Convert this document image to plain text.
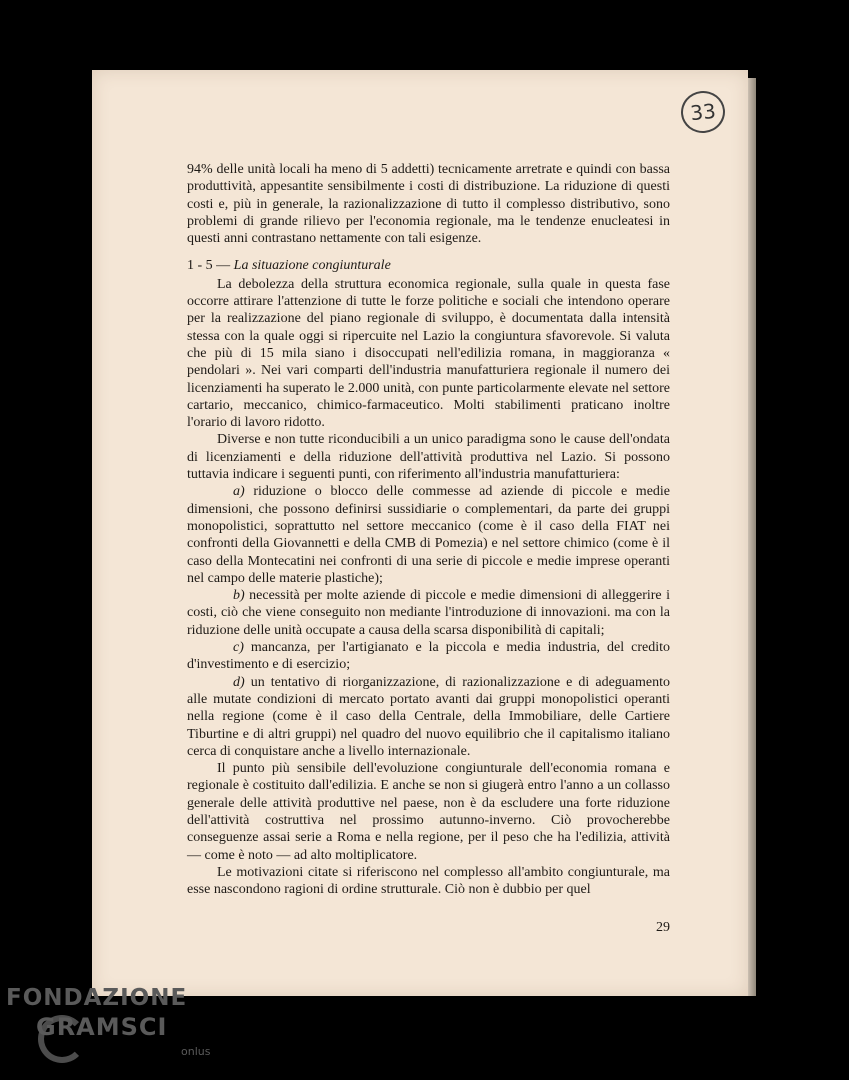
33

94% delle unità locali ha meno di 5 addetti) tecnicamente arretrate e quindi con bassa produttività, appesantite sensibilmente i costi di distribuzione. La riduzione di questi costi e, più in generale, la razionalizzazione di tutto il complesso distributivo, sono problemi di grande rilievo per l'economia regionale, ma le tendenze enucleatesi in questi anni contrastano nettamente con tali esigenze.

1 - 5 — La situazione congiunturale

La debolezza della struttura economica regionale, sulla quale in questa fase occorre attirare l'attenzione di tutte le forze politiche e sociali che intendono operare per la realizzazione del piano regionale di sviluppo, è documentata dalla intensità stessa con la quale oggi si ripercuite nel Lazio la congiuntura sfavorevole. Si valuta che più di 15 mila siano i disoccupati nell'edilizia romana, in maggioranza « pendolari ». Nei vari comparti dell'industria manufatturiera regionale il numero dei licenziamenti ha superato le 2.000 unità, con punte particolarmente elevate nel settore cartario, meccanico, chimico-farmaceutico. Molti stabilimenti praticano inoltre l'orario di lavoro ridotto.

Diverse e non tutte riconducibili a un unico paradigma sono le cause dell'ondata di licenziamenti e della riduzione dell'attività produttiva nel Lazio. Si possono tuttavia indicare i seguenti punti, con riferimento all'industria manufatturiera:

a) riduzione o blocco delle commesse ad aziende di piccole e medie dimensioni, che possono definirsi sussidiarie o complementari, da parte dei gruppi monopolistici, soprattutto nel settore meccanico (come è il caso della FIAT nei confronti della Giovannetti e della CMB di Pomezia) e nel settore chimico (come è il caso della Montecatini nei confronti di una serie di piccole e medie imprese operanti nel campo delle materie plastiche);

b) necessità per molte aziende di piccole e medie dimensioni di alleggerire i costi, ciò che viene conseguito non mediante l'introduzione di innovazioni. ma con la riduzione delle unità occupate a causa della scarsa disponibilità di capitali;

c) mancanza, per l'artigianato e la piccola e media industria, del credito d'investimento e di esercizio;

d) un tentativo di riorganizzazione, di razionalizzazione e di adeguamento alle mutate condizioni di mercato portato avanti dai gruppi monopolistici operanti nella regione (come è il caso della Centrale, della Immobiliare, delle Cartiere Tiburtine e di altri gruppi) nel quadro del nuovo equilibrio che il capitalismo italiano cerca di conquistare anche a livello internazionale.

Il punto più sensibile dell'evoluzione congiunturale dell'economia romana e regionale è costituito dall'edilizia. E anche se non si giugerà entro l'anno a un collasso generale delle attività produttive nel paese, non è da escludere una forte riduzione dell'attività costruttiva nel prossimo autunno-inverno. Ciò provocherebbe conseguenze assai serie a Roma e nella regione, per il peso che ha l'edilizia, attività — come è noto — ad alto moltiplicatore.

Le motivazioni citate si riferiscono nel complesso all'ambito congiunturale, ma esse nascondono ragioni di ordine strutturale. Ciò non è dubbio per quel

29
FONDAZIONE
GRAMSCI
onlus
